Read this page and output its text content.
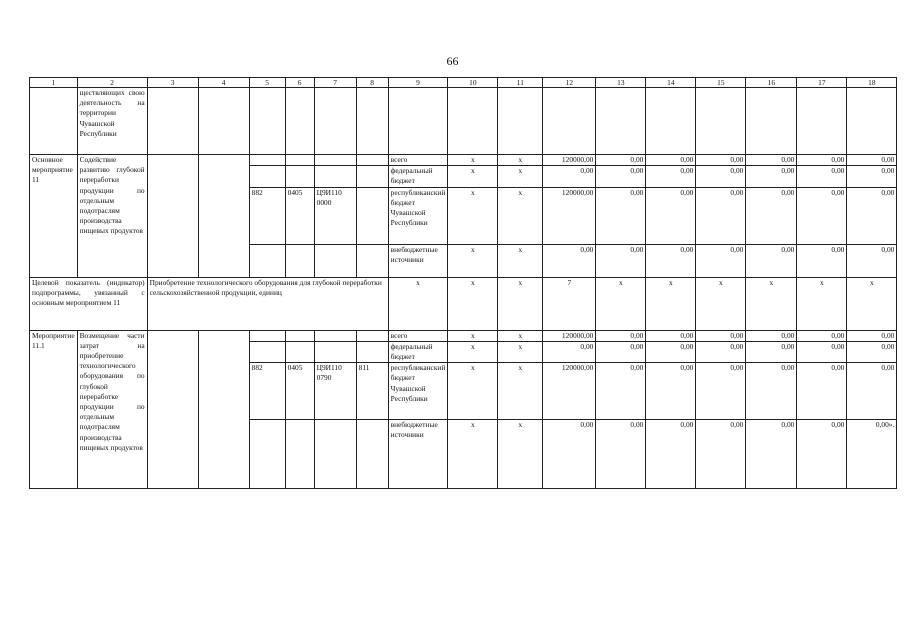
66
1	2	3	4	5	6	7	8	9	10	11	12	13	14	15	16	17	18
	ществляющих свою деятельность на территории Чувашской Республики																
Основное мероприятие 11	Содействие развитию глубокой переработки продукции по отдельным подотраслям производства пищевых продуктов							всего	x	x	120000,00	0,00	0,00	0,00	0,00	0,00	0,00
								федеральный бюджет	x	x	0,00	0,00	0,00	0,00	0,00	0,00	0,00
				882	0405	Ц9И110 0000		республиканский бюджет Чувашской Республики	x	x	120000,00	0,00	0,00	0,00	0,00	0,00	0,00
								внебюджетные источники	x	x	0,00	0,00	0,00	0,00	0,00	0,00	0,00
Целевой показатель (индикатор) подпрограммы, увязанный с основным мероприятием 11		Приобретение технологического оборудования для глубокой переработки сельскохозяйственной продукции, единиц						x	x	x	7	x	x	x	x	x	x
Мероприятие 11.1	Возмещение части затрат на приобретение технологического оборудования по глубокой переработке продукции по отдельным подотраслям производства пищевых продуктов							всего	x	x	120000,00	0,00	0,00	0,00	0,00	0,00	0,00
								федеральный бюджет	x	x	0,00	0,00	0,00	0,00	0,00	0,00	0,00
				882	0405	Ц9И110 0790	811	республиканский бюджет Чувашской Республики	x	x	120000,00	0,00	0,00	0,00	0,00	0,00	0,00
								внебюджетные источники	x	x	0,00	0,00	0,00	0,00	0,00	0,00	0,00».
